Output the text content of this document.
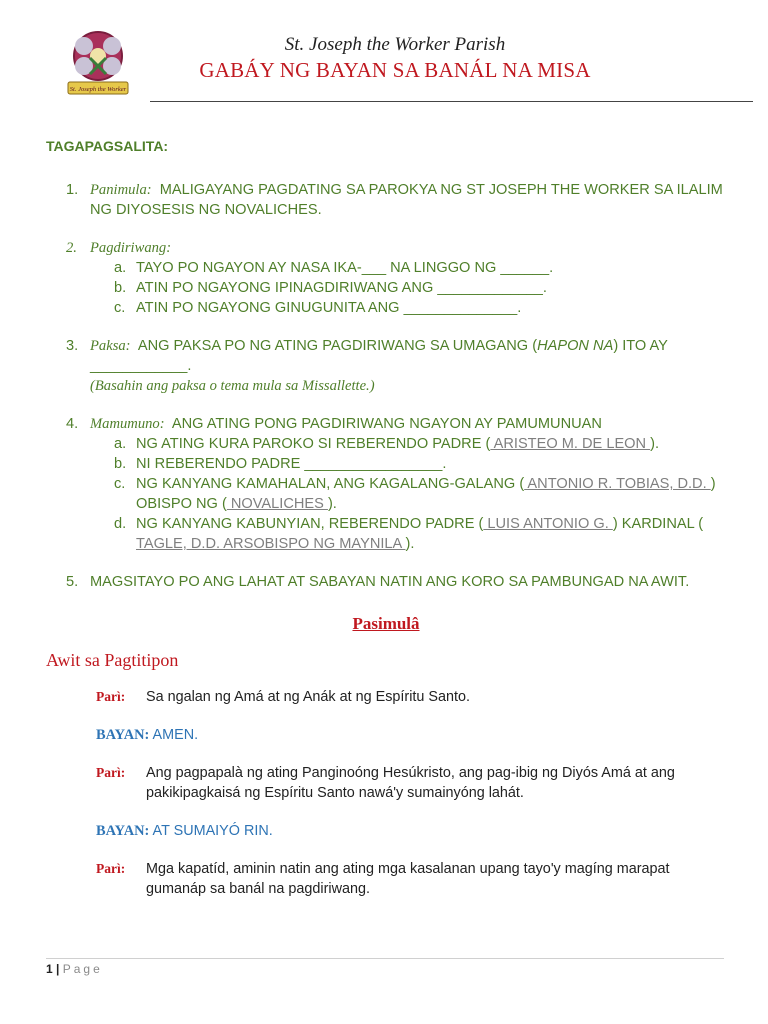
St. Joseph the Worker
St. Joseph the Worker Parish
GABÁY NG BAYAN SA BANÁL NA MISA
TAGAPAGSALITA:
1. Panimula: MALIGAYANG PAGDATING SA PAROKYA NG ST JOSEPH THE WORKER SA ILALIM NG DIYOSESIS NG NOVALICHES.
2. Pagdiriwang:
a. TAYO PO NGAYON AY NASA IKA-___ NA LINGGO NG ______.
b. ATIN PO NGAYONG IPINAGDIRIWANG ANG _____________.
c. ATIN PO NGAYONG GINUGUNITA ANG ______________.
3. Paksa: ANG PAKSA PO NG ATING PAGDIRIWANG SA UMAGANG (HAPON NA) ITO AY ____________.
(Basahin ang paksa o tema mula sa Missallette.)
4. Mamumuno: ANG ATING PONG PAGDIRIWANG NGAYON AY PAMUMUNUAN
a. NG ATING KURA PAROKO SI REBERENDO PADRE ( ARISTEO M. DE LEON ).
b. NI REBERENDO PADRE _________________.
c. NG KANYANG KAMAHALAN, ANG KAGALANG-GALANG ( ANTONIO R. TOBIAS, D.D. ) OBISPO NG ( NOVALICHES ).
d. NG KANYANG KABUNYIAN, REBERENDO PADRE ( LUIS ANTONIO G. ) KARDINAL ( TAGLE, D.D. ARSOBISPO NG MAYNILA ).
5. MAGSITAYO PO ANG LAHAT AT SABAYAN NATIN ANG KORO SA PAMBUNGAD NA AWIT.
Pasimulâ
Awit sa Pagtitipon
Parì: Sa ngalan ng Amá at ng Anák at ng Espíritu Santo.
BAYAN: AMEN.
Parì: Ang pagpapalà ng ating Panginoóng Hesúkristo, ang pag-ibig ng Diyós Amá at ang pakikipagkaisá ng Espíritu Santo nawá'y sumainyóng lahát.
BAYAN: AT SUMAIYÓ RIN.
Parì: Mga kapatíd, aminin natin ang ating mga kasalanan upang tayo'y magíng marapat gumanáp sa banál na pagdiriwang.
1 | Page
